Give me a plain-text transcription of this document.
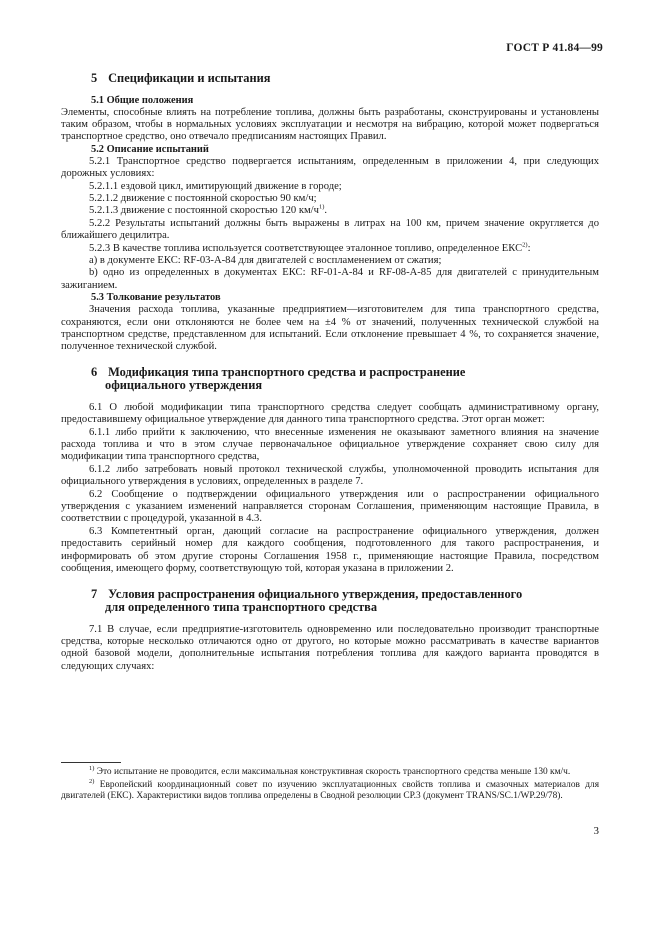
ГОСТ Р 41.84—99
5 Спецификации и испытания
5.1 Общие положения

Элементы, способные влиять на потребление топлива, должны быть разработаны, сконструированы и установлены таким образом, чтобы в нормальных условиях эксплуатации и несмотря на вибрацию, которой может подвергаться транспортное средство, оно отвечало предписаниям настоящих Правил.

5.2 Описание испытаний

5.2.1 Транспортное средство подвергается испытаниям, определенным в приложении 4, при следующих дорожных условиях:

5.2.1.1 ездовой цикл, имитирующий движение в городе;

5.2.1.2 движение с постоянной скоростью 90 км/ч;

5.2.1.3 движение с постоянной скоростью 120 $км/ч^{1)}$.

5.2.2 Результаты испытаний должны быть выражены в литрах на 100 км, причем значение округляется до ближайшего децилитра.

5.2.3 В качестве топлива используется соответствующее эталонное топливо, определенное ЕКС$^{2)}$:

а) в документе ЕКС: RF-03-A-84 для двигателей с воспламенением от сжатия;

b) одно из определенных в документах ЕКС: RF-01-A-84 и RF-08-A-85 для двигателей с принудительным зажиганием.

5.3 Толкование результатов

Значения расхода топлива, указанные предприятием—изготовителем для типа транспортного средства, сохраняются, если они отклоняются не более чем на ±4 % от значений, полученных технической службой на транспортном средстве, представленном для испытаний. Если отклонение превышает 4 %, то сохраняется значение, полученное технической службой.

6 Модификация типа транспортного средства и распространение
официального утверждения

6.1 О любой модификации типа транспортного средства следует сообщать административному органу, предоставившему официальное утверждение для данного типа транспортного средства. Этот орган может:

6.1.1 либо прийти к заключению, что внесенные изменения не оказывают заметного влияния на значение расхода топлива и что в этом случае первоначальное официальное утверждение сохраняет свою силу для модификации типа транспортного средства,

6.1.2 либо затребовать новый протокол технической службы, уполномоченной проводить испытания для официального утверждения в условиях, определенных в разделе 7.

6.2 Сообщение о подтверждении официального утверждения или о распространении официального утверждения с указанием изменений направляется сторонам Соглашения, применяющим настоящие Правила, в соответствии с процедурой, указанной в 4.3.

6.3 Компетентный орган, дающий согласие на распространение официального утверждения, должен предоставить серийный номер для каждого сообщения, подготовленного для такого распространения, и информировать об этом другие стороны Соглашения 1958 г., применяющие настоящие Правила, посредством сообщения, имеющего форму, соответствующую той, которая указана в приложении 2.

7 Условия распространения официального утверждения, предоставленного
для определенного типа транспортного средства

7.1 В случае, если предприятие-изготовитель одновременно или последовательно производит транспортные средства, которые несколько отличаются одно от другого, но которые можно рассматривать в качестве вариантов одной базовой модели, дополнительные испытания потребления топлива для каждого варианта проводятся в следующих случаях:

$^{1)}$ Это испытание не проводится, если максимальная конструктивная скорость транспортного средства меньше 130 км/ч.

$^{2)}$ Европейский координационный совет по изучению эксплуатационных свойств топлива и смазочных материалов для двигателей (ЕКС). Характеристики видов топлива определены в Сводной резолюции СР.3 (документ TRANS/SC.1/WP.29/78).

3
